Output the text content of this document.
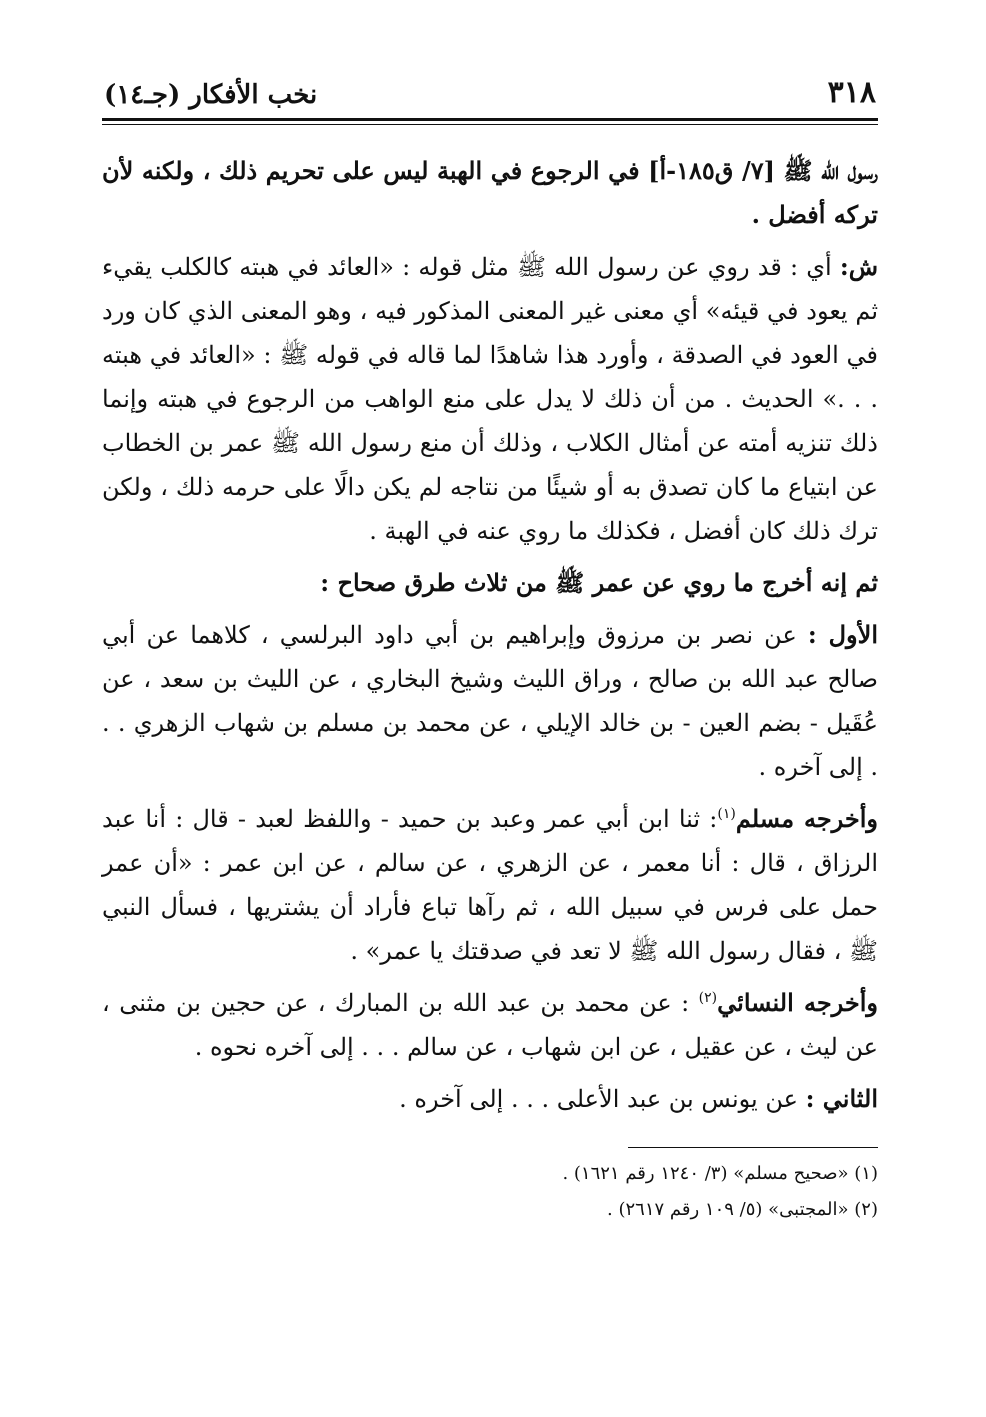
٣١٨
نخب الأفكار (جـ١٤)

رسول الله ﷺ [٧/ ق١٨٥-أ] في الرجوع في الهبة ليس على تحريم ذلك ، ولكنه لأن تركه أفضل .

ش: أي : قد روي عن رسول الله ﷺ مثل قوله : «العائد في هبته كالكلب يقيء ثم يعود في قيئه» أي معنى غير المعنى المذكور فيه ، وهو المعنى الذي كان ورد في العود في الصدقة ، وأورد هذا شاهدًا لما قاله في قوله ﷺ : «العائد في هبته . . .» الحديث . من أن ذلك لا يدل على منع الواهب من الرجوع في هبته وإنما ذلك تنزيه أمته عن أمثال الكلاب ، وذلك أن منع رسول الله ﷺ عمر بن الخطاب عن ابتياع ما كان تصدق به أو شيئًا من نتاجه لم يكن دالًا على حرمه ذلك ، ولكن ترك ذلك كان أفضل ، فكذلك ما روي عنه في الهبة .

ثم إنه أخرج ما روي عن عمر ﷺ من ثلاث طرق صحاح :

الأول : عن نصر بن مرزوق وإبراهيم بن أبي داود البرلسي ، كلاهما عن أبي صالح عبد الله بن صالح ، وراق الليث وشيخ البخاري ، عن الليث بن سعد ، عن عُقَيل - بضم العين - بن خالد الإيلي ، عن محمد بن مسلم بن شهاب الزهري . . . إلى آخره .

وأخرجه مسلم$^{(١)}$: ثنا ابن أبي عمر وعبد بن حميد - واللفظ لعبد - قال : أنا عبد الرزاق ، قال : أنا معمر ، عن الزهري ، عن سالم ، عن ابن عمر : «أن عمر حمل على فرس في سبيل الله ، ثم رآها تباع فأراد أن يشتريها ، فسأل النبي ﷺ ، فقال رسول الله ﷺ لا تعد في صدقتك يا عمر» .

وأخرجه النسائي$^{(٢)}$ : عن محمد بن عبد الله بن المبارك ، عن حجين بن مثنى ، عن ليث ، عن عقيل ، عن ابن شهاب ، عن سالم . . . إلى آخره نحوه .

الثاني : عن يونس بن عبد الأعلى . . . إلى آخره .

(١) «صحيح مسلم» (٣/ ١٢٤٠ رقم ١٦٢١) .

(٢) «المجتبى» (٥/ ١٠٩ رقم ٢٦١٧) .
